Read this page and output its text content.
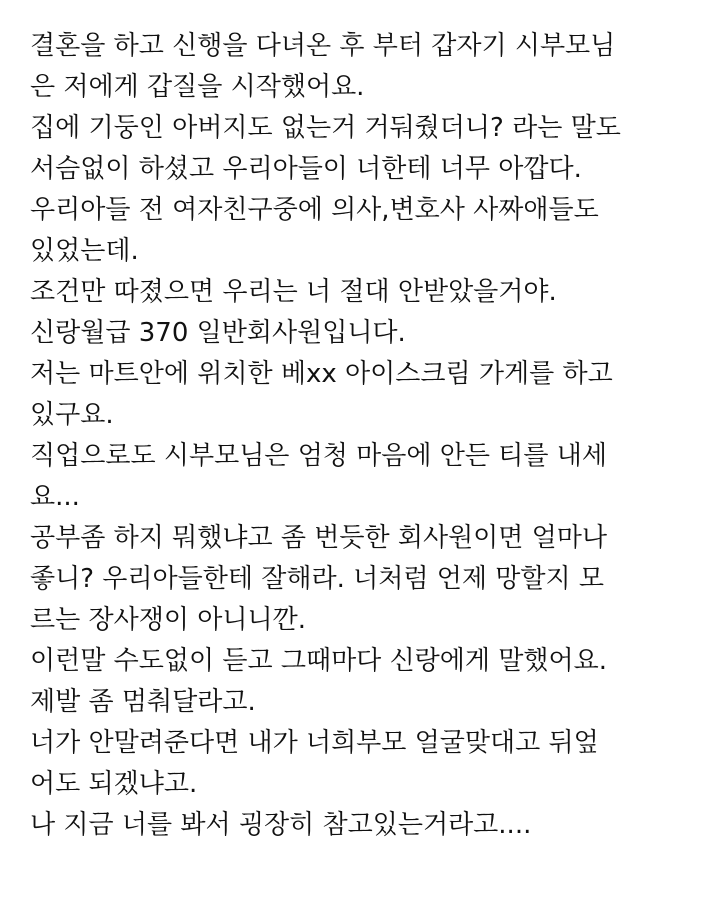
결혼을 하고 신행을 다녀온 후 부터 갑자기 시부모님
은 저에게 갑질을 시작했어요.
집에 기둥인 아버지도 없는거 거둬줬더니? 라는 말도
서슴없이 하셨고 우리아들이 너한테 너무 아깝다.
우리아들 전 여자친구중에 의사,변호사 사짜애들도
있었는데.
조건만 따졌으면 우리는 너 절대 안받았을거야.
신랑월급 370 일반회사원입니다.
저는 마트안에 위치한 베xx 아이스크림 가게를 하고
있구요.
직업으로도 시부모님은 엄청 마음에 안든 티를 내세
요...
공부좀 하지 뭐했냐고 좀 번듯한 회사원이면 얼마나
좋니? 우리아들한테 잘해라. 너처럼 언제 망할지 모
르는 장사쟁이 아니니깐.
이런말 수도없이 듣고 그때마다 신랑에게 말했어요.
제발 좀 멈춰달라고.
너가 안말려준다면 내가 너희부모 얼굴맞대고 뒤엎
어도 되겠냐고.
나 지금 너를 봐서 굉장히 참고있는거라고....
